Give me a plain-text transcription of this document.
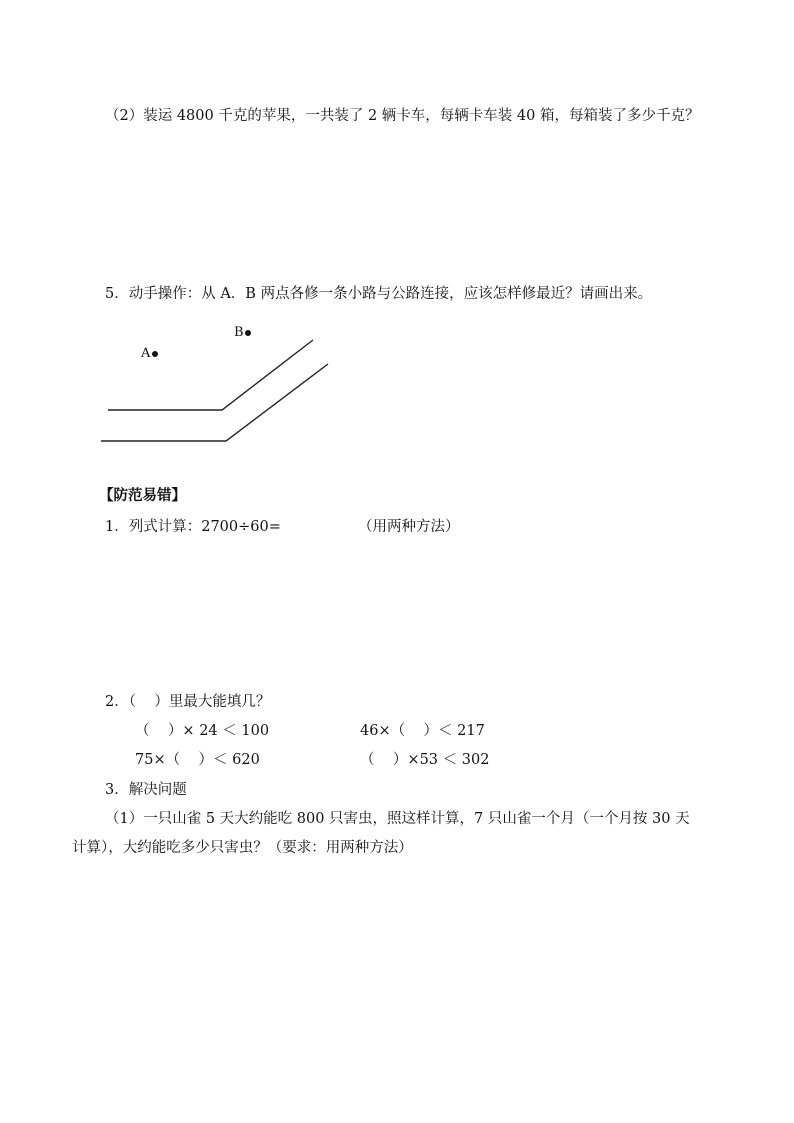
（2）装运 4800 千克的苹果，一共装了 2 辆卡车，每辆卡车装 40 箱，每箱装了多少千克？
5．动手操作：从 A．B 两点各修一条小路与公路连接，应该怎样修最近？请画出来。
A
B
【防范易错】
1．列式计算：2700÷60=	（用两种方法）
2．（    ）里最大能填几？
（    ）× 24 ＜ 100	46×（    ）＜ 217
75×（    ）＜ 620	（    ）×53 ＜ 302
3．解决问题
（1）一只山雀 5 天大约能吃 800 只害虫，照这样计算，7 只山雀一个月（一个月按 30 天
计算），大约能吃多少只害虫？（要求：用两种方法）
